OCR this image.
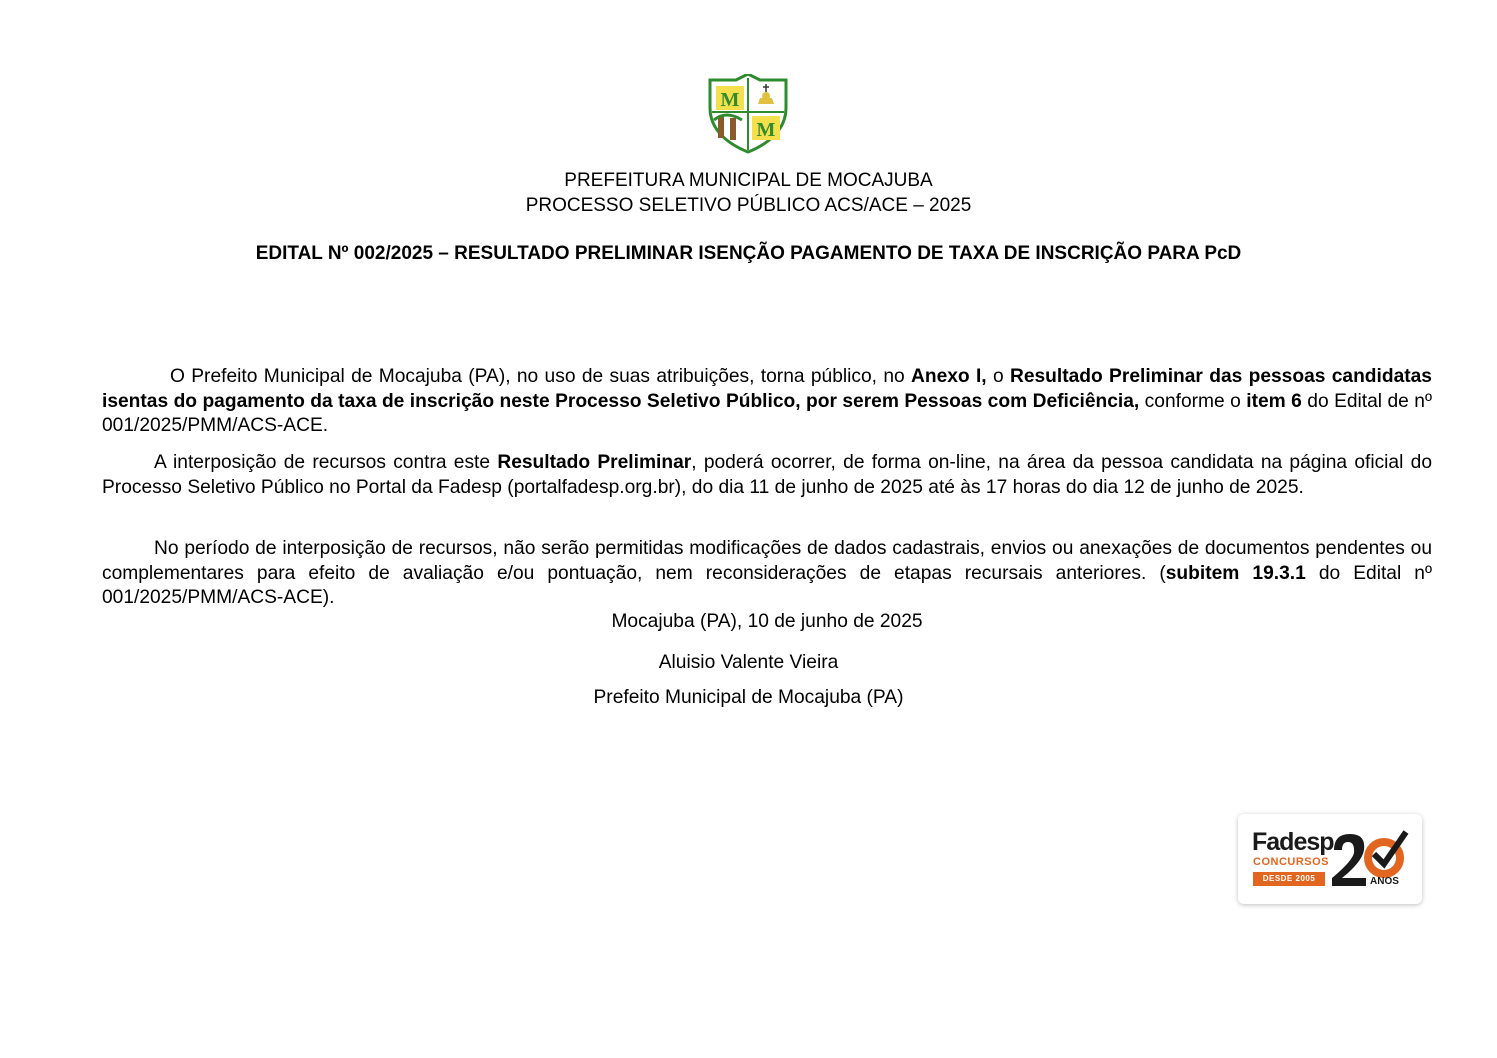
M
M
PREFEITURA MUNICIPAL DE MOCAJUBA
PROCESSO SELETIVO PÚBLICO ACS/ACE – 2025
EDITAL Nº 002/2025 – RESULTADO PRELIMINAR ISENÇÃO PAGAMENTO DE TAXA DE INSCRIÇÃO PARA PcD

O Prefeito Municipal de Mocajuba (PA), no uso de suas atribuições, torna público, no Anexo I, o Resultado Preliminar das pessoas candidatas isentas do pagamento da taxa de inscrição neste Processo Seletivo Público, por serem Pessoas com Deficiência, conforme o item 6 do Edital de nº 001/2025/PMM/ACS-ACE.

A interposição de recursos contra este Resultado Preliminar, poderá ocorrer, de forma on-line, na área da pessoa candidata na página oficial do Processo Seletivo Público no Portal da Fadesp (portalfadesp.org.br), do dia 11 de junho de 2025 até às 17 horas do dia 12 de junho de 2025.

No período de interposição de recursos, não serão permitidas modificações de dados cadastrais, envios ou anexações de documentos pendentes ou complementares para efeito de avaliação e/ou pontuação, nem reconsiderações de etapas recursais anteriores. (subitem 19.3.1 do Edital nº 001/2025/PMM/ACS-ACE).

Mocajuba (PA), 10 de junho de 2025
Aluisio Valente Vieira
Prefeito Municipal de Mocajuba (PA)
Fadesp
CONCURSOS
DESDE 2005	ANOS
